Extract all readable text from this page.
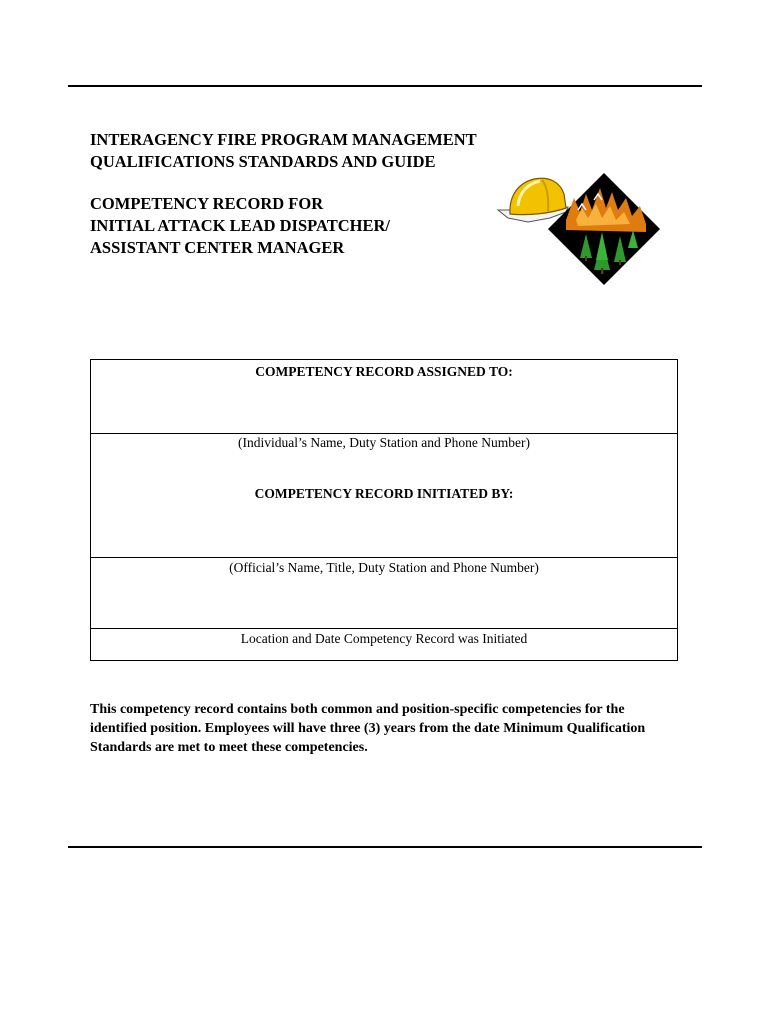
INTERAGENCY FIRE PROGRAM MANAGEMENT
QUALIFICATIONS STANDARDS AND GUIDE
COMPETENCY RECORD FOR
INITIAL ATTACK LEAD DISPATCHER/
ASSISTANT CENTER MANAGER
COMPETENCY RECORD ASSIGNED TO:
(Individual’s Name, Duty Station and Phone Number)
COMPETENCY RECORD INITIATED BY:
(Official’s Name, Title, Duty Station and Phone Number)
Location and Date Competency Record was Initiated

This competency record contains both common and position-specific competencies for the identified position. Employees will have three (3) years from the date Minimum Qualification Standards are met to meet these competencies.
